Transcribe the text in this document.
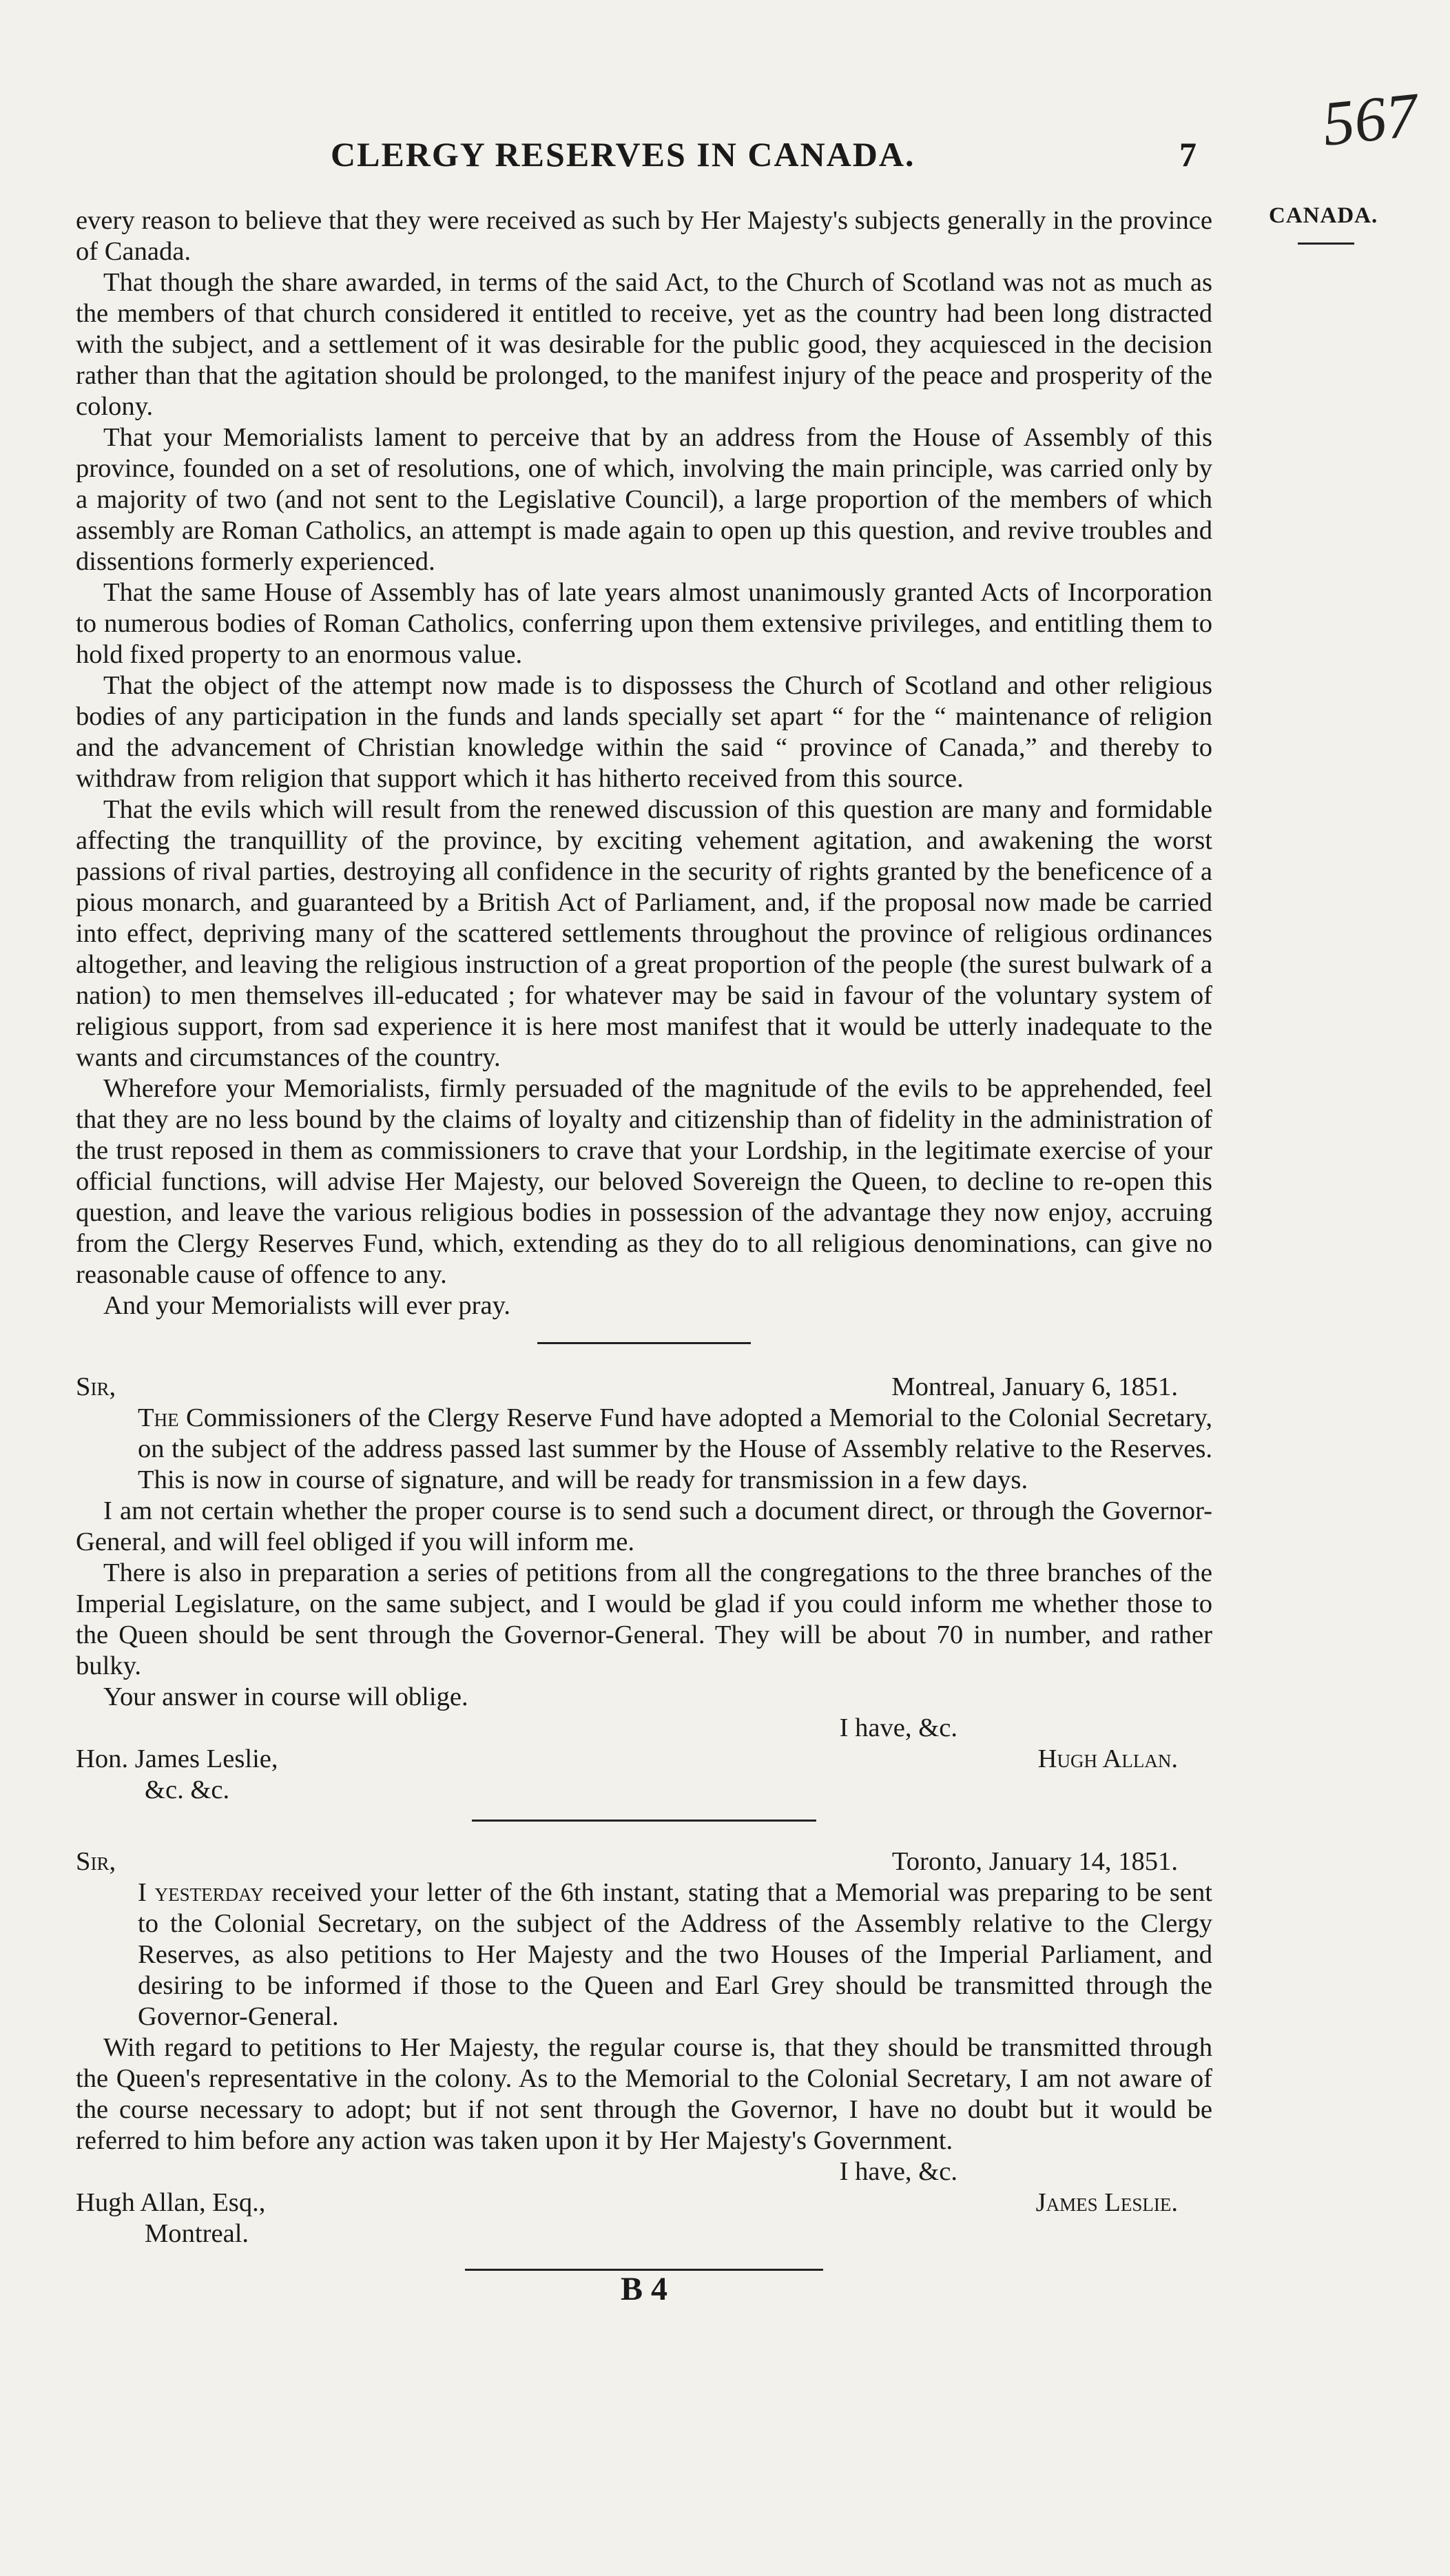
CLERGY RESERVES IN CANADA.	7 567
CANADA.

every reason to believe that they were received as such by Her Majesty's subjects generally in the province of Canada.

That though the share awarded, in terms of the said Act, to the Church of Scotland was not as much as the members of that church considered it entitled to receive, yet as the country had been long distracted with the subject, and a settlement of it was desirable for the public good, they acquiesced in the decision rather than that the agitation should be prolonged, to the manifest injury of the peace and prosperity of the colony.

That your Memorialists lament to perceive that by an address from the House of Assembly of this province, founded on a set of resolutions, one of which, involving the main principle, was carried only by a majority of two (and not sent to the Legislative Council), a large proportion of the members of which assembly are Roman Catholics, an attempt is made again to open up this question, and revive troubles and dissentions formerly experienced.

That the same House of Assembly has of late years almost unanimously granted Acts of Incorporation to numerous bodies of Roman Catholics, conferring upon them extensive privileges, and entitling them to hold fixed property to an enormous value.

That the object of the attempt now made is to dispossess the Church of Scotland and other religious bodies of any participation in the funds and lands specially set apart “ for the “ maintenance of religion and the advancement of Christian knowledge within the said “ province of Canada,” and thereby to withdraw from religion that support which it has hitherto received from this source.

That the evils which will result from the renewed discussion of this question are many and formidable affecting the tranquillity of the province, by exciting vehement agitation, and awakening the worst passions of rival parties, destroying all confidence in the security of rights granted by the beneficence of a pious monarch, and guaranteed by a British Act of Parliament, and, if the proposal now made be carried into effect, depriving many of the scattered settlements throughout the province of religious ordinances altogether, and leaving the religious instruction of a great proportion of the people (the surest bulwark of a nation) to men themselves ill-educated ; for whatever may be said in favour of the voluntary system of religious support, from sad experience it is here most manifest that it would be utterly inadequate to the wants and circumstances of the country.

Wherefore your Memorialists, firmly persuaded of the magnitude of the evils to be apprehended, feel that they are no less bound by the claims of loyalty and citizenship than of fidelity in the administration of the trust reposed in them as commissioners to crave that your Lordship, in the legitimate exercise of your official functions, will advise Her Majesty, our beloved Sovereign the Queen, to decline to re-open this question, and leave the various religious bodies in possession of the advantage they now enjoy, accruing from the Clergy Reserves Fund, which, extending as they do to all religious denominations, can give no reasonable cause of offence to any.

And your Memorialists will ever pray.

Sir,	Montreal, January 6, 1851.

The Commissioners of the Clergy Reserve Fund have adopted a Memorial to the Colonial Secretary, on the subject of the address passed last summer by the House of Assembly relative to the Reserves. This is now in course of signature, and will be ready for transmission in a few days.

I am not certain whether the proper course is to send such a document direct, or through the Governor-General, and will feel obliged if you will inform me.

There is also in preparation a series of petitions from all the congregations to the three branches of the Imperial Legislature, on the same subject, and I would be glad if you could inform me whether those to the Queen should be sent through the Governor-General. They will be about 70 in number, and rather bulky.

Your answer in course will oblige.

I have, &c.

Hon. James Leslie,	Hugh Allan.

&c. &c.

Sir,	Toronto, January 14, 1851.

I yesterday received your letter of the 6th instant, stating that a Memorial was preparing to be sent to the Colonial Secretary, on the subject of the Address of the Assembly relative to the Clergy Reserves, as also petitions to Her Majesty and the two Houses of the Imperial Parliament, and desiring to be informed if those to the Queen and Earl Grey should be transmitted through the Governor-General.

With regard to petitions to Her Majesty, the regular course is, that they should be transmitted through the Queen's representative in the colony. As to the Memorial to the Colonial Secretary, I am not aware of the course necessary to adopt; but if not sent through the Governor, I have no doubt but it would be referred to him before any action was taken upon it by Her Majesty's Government.

I have, &c.

Hugh Allan, Esq.,	James Leslie.

Montreal.

B 4
